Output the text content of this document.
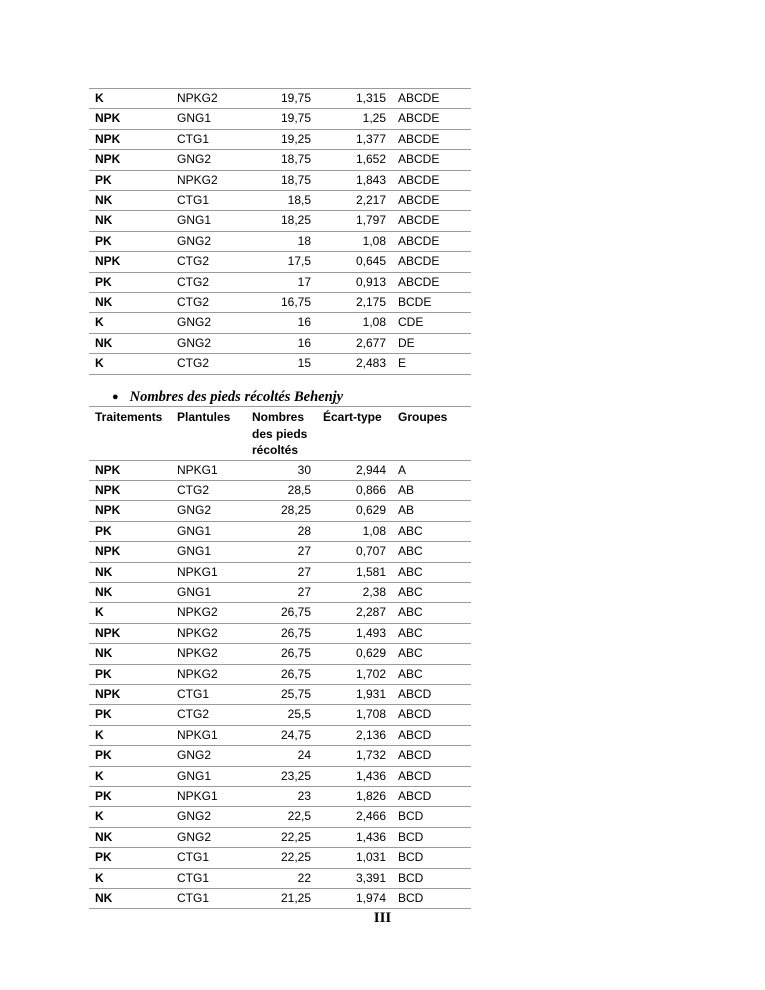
K	NPKG2	19,75	1,315	ABCDE
NPK	GNG1	19,75	1,25	ABCDE
NPK	CTG1	19,25	1,377	ABCDE
NPK	GNG2	18,75	1,652	ABCDE
PK	NPKG2	18,75	1,843	ABCDE
NK	CTG1	18,5	2,217	ABCDE
NK	GNG1	18,25	1,797	ABCDE
PK	GNG2	18	1,08	ABCDE
NPK	CTG2	17,5	0,645	ABCDE
PK	CTG2	17	0,913	ABCDE
NK	CTG2	16,75	2,175	BCDE
K	GNG2	16	1,08	CDE
NK	GNG2	16	2,677	DE
K	CTG2	15	2,483	E
● Nombres des pieds récoltés Behenjy
Traitements	Plantules	Nombres des pieds récoltés	Écart-type	Groupes
NPK	NPKG1	30	2,944	A
NPK	CTG2	28,5	0,866	AB
NPK	GNG2	28,25	0,629	AB
PK	GNG1	28	1,08	ABC
NPK	GNG1	27	0,707	ABC
NK	NPKG1	27	1,581	ABC
NK	GNG1	27	2,38	ABC
K	NPKG2	26,75	2,287	ABC
NPK	NPKG2	26,75	1,493	ABC
NK	NPKG2	26,75	0,629	ABC
PK	NPKG2	26,75	1,702	ABC
NPK	CTG1	25,75	1,931	ABCD
PK	CTG2	25,5	1,708	ABCD
K	NPKG1	24,75	2,136	ABCD
PK	GNG2	24	1,732	ABCD
K	GNG1	23,25	1,436	ABCD
PK	NPKG1	23	1,826	ABCD
K	GNG2	22,5	2,466	BCD
NK	GNG2	22,25	1,436	BCD
PK	CTG1	22,25	1,031	BCD
K	CTG1	22	3,391	BCD
NK	CTG1	21,25	1,974	BCD
III
